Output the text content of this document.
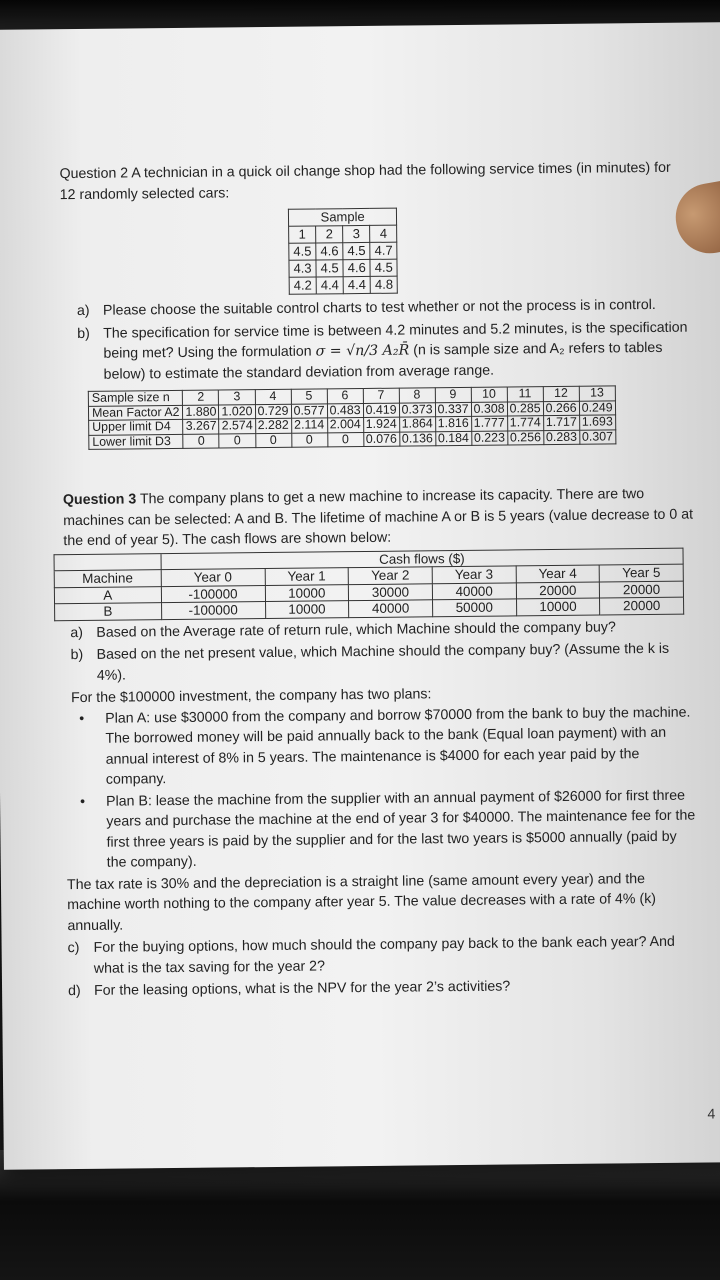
Question 2 A technician in a quick oil change shop had the following service times (in minutes) for 12 randomly selected cars:

Sample			
1	2	3	4
4.5	4.6	4.5	4.7
4.3	4.5	4.6	4.5
4.2	4.4	4.4	4.8
a) Please choose the suitable control charts to test whether or not the process is in control.
b) The specification for service time is between 4.2 minutes and 5.2 minutes, is the specification being met? Using the formulation σ = √n/3 A₂R̄ (n is sample size and A₂ refers to tables below) to estimate the standard deviation from average range.
Sample size n	2	3	4	5	6	7	8	9	10	11	12	13
Mean Factor A2	1.880	1.020	0.729	0.577	0.483	0.419	0.373	0.337	0.308	0.285	0.266	0.249
Upper limit D4	3.267	2.574	2.282	2.114	2.004	1.924	1.864	1.816	1.777	1.774	1.717	1.693
Lower limit D3	0	0	0	0	0	0.076	0.136	0.184	0.223	0.256	0.283	0.307

Question 3 The company plans to get a new machine to increase its capacity. There are two machines can be selected: A and B. The lifetime of machine A or B is 5 years (value decrease to 0 at the end of year 5). The cash flows are shown below:

	Cash flows ($)					
Machine	Year 0	Year 1	Year 2	Year 3	Year 4	Year 5
A	-100000	10000	30000	40000	20000	20000
B	-100000	10000	40000	50000	10000	20000
a) Based on the Average rate of return rule, which Machine should the company buy?
b) Based on the net present value, which Machine should the company buy? (Assume the k is 4%).

For the $100000 investment, the company has two plans:

• Plan A: use $30000 from the company and borrow $70000 from the bank to buy the machine. The borrowed money will be paid annually back to the bank (Equal loan payment) with an annual interest of 8% in 5 years. The maintenance is $4000 for each year paid by the company.
• Plan B: lease the machine from the supplier with an annual payment of $26000 for first three years and purchase the machine at the end of year 3 for $40000. The maintenance fee for the first three years is paid by the supplier and for the last two years is $5000 annually (paid by the company).

The tax rate is 30% and the depreciation is a straight line (same amount every year) and the machine worth nothing to the company after year 5. The value decreases with a rate of 4% (k) annually.

c) For the buying options, how much should the company pay back to the bank each year? And what is the tax saving for the year 2?
d) For the leasing options, what is the NPV for the year 2’s activities?
4
